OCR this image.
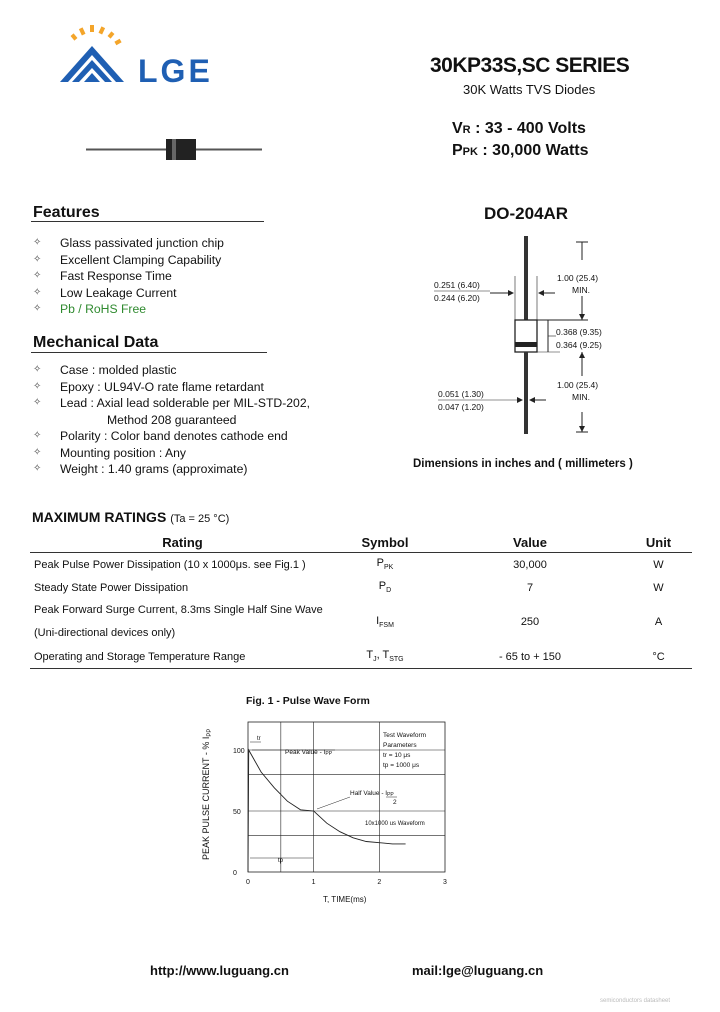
LGE	30KP33S,SC SERIES
30K Watts TVS Diodes
VR : 33 - 400 Volts
PPK : 30,000 Watts
Features
✧ Glass passivated junction chip
✧ Excellent Clamping Capability
✧ Fast Response Time
✧ Low Leakage Current
✧ Pb / RoHS Free
Mechanical Data
✧ Case : molded plastic
✧ Epoxy : UL94V-O rate flame retardant
✧ Lead : Axial lead solderable per MIL-STD-202,
Method 208 guaranteed
✧ Polarity : Color band denotes cathode end
✧ Mounting position : Any
✧ Weight : 1.40 grams (approximate)
DO-204AR
1.00 (25.4)
MIN.
0.251 (6.40)
0.244 (6.20)
0.368 (9.35)
0.364 (9.25)
0.051 (1.30)
0.047 (1.20)
1.00 (25.4)
MIN.
Dimensions in inches and ( millimeters )
MAXIMUM RATINGS (Ta = 25 °C)
Rating	Symbol	Value	Unit
Peak Pulse Power Dissipation (10 x 1000μs. see Fig.1 )	$P_{PK}$	30,000	W
Steady State Power Dissipation	$P_D$	7	W

Peak Forward Surge Current, 8.3ms Single Half Sine Wave
(Uni-directional devices only)	$I_{FSM}$	250	A
Operating and Storage Temperature Range	$T_J$, $T_{STG}$	- 65 to + 150	°C
Fig. 1 - Pulse Wave Form
0	1	2	3
0
50
100
PEAK PULSE CURRENT - % $I_{PP}$
T, TIME(ms)
Peak Value - IPP
Half Value - IPP
2
10x1000 us Waveform
Test Waveform
Parameters
tr = 10 μs
tp = 1000 μs
tr
tp
http://www.luguang.cn	mail:lge@luguang.cn
semiconductors datasheet
